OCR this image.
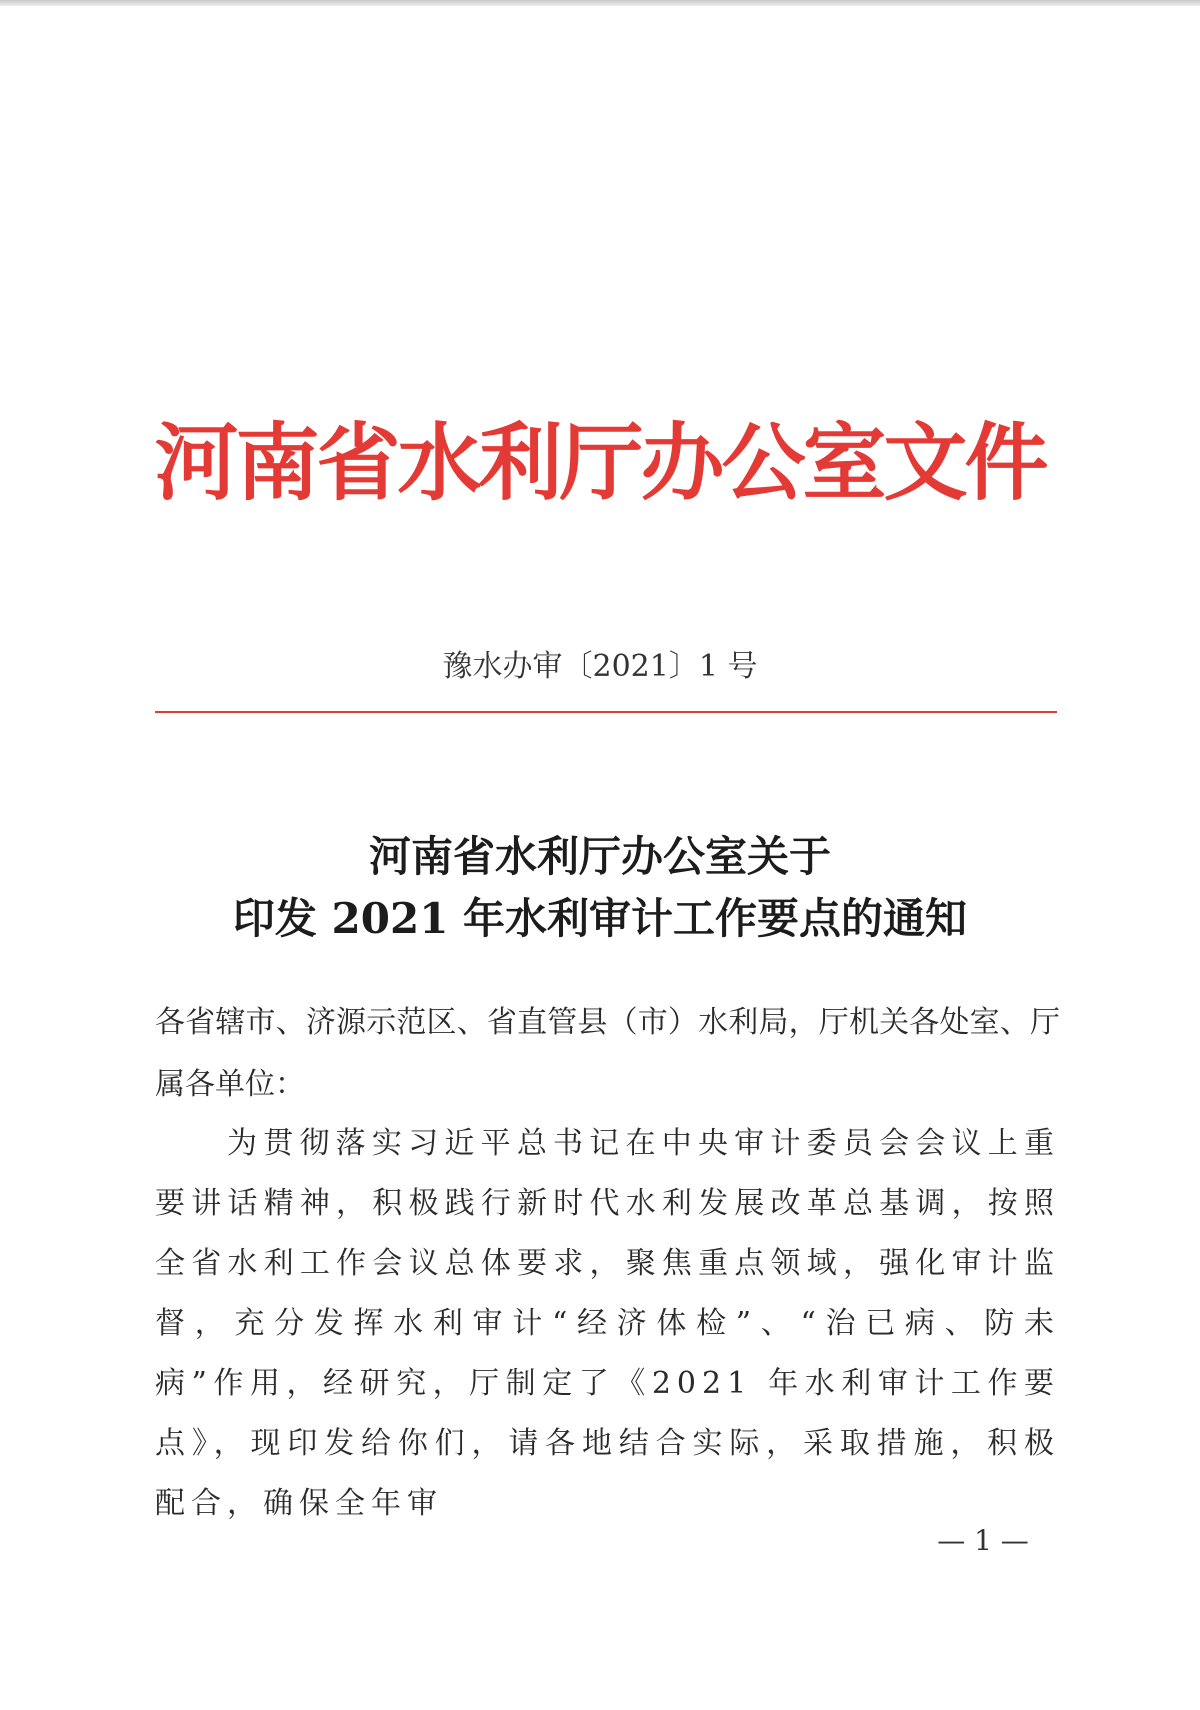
河南省水利厅办公室文件
豫水办审〔2021〕1 号
河南省水利厅办公室关于
印发 2021 年水利审计工作要点的通知

各省辖市、济源示范区、省直管县（市）水利局，厅机关各处室、厅属各单位：

为贯彻落实习近平总书记在中央审计委员会会议上重要讲话精神，积极践行新时代水利发展改革总基调，按照全省水利工作会议总体要求，聚焦重点领域，强化审计监督，充分发挥水利审计“经济体检”、“治已病、防未病”作用，经研究，厅制定了《2021 年水利审计工作要点》，现印发给你们，请各地结合实际，采取措施，积极配合，确保全年审

— 1 —
